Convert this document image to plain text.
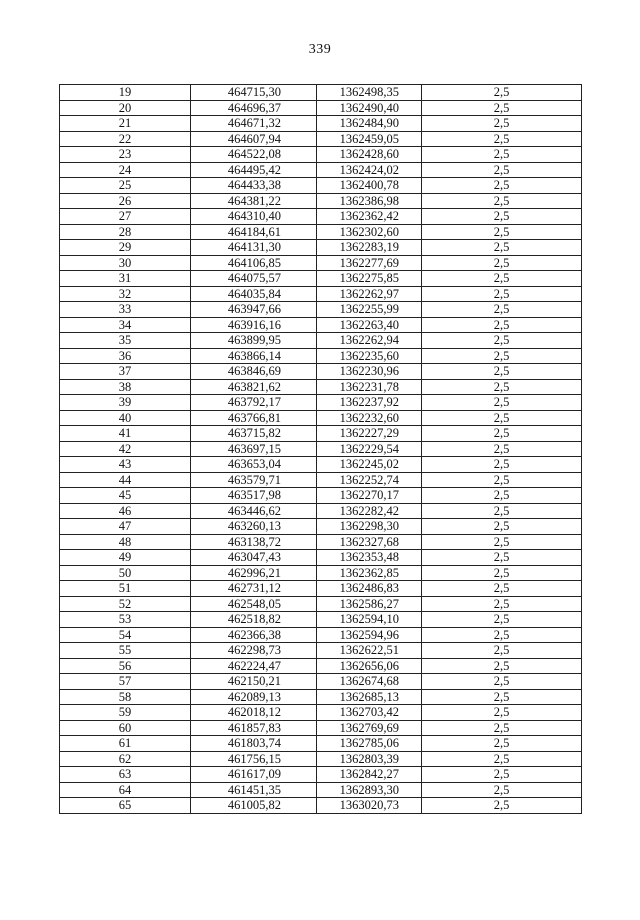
339
19	464715,30	1362498,35	2,5
20	464696,37	1362490,40	2,5
21	464671,32	1362484,90	2,5
22	464607,94	1362459,05	2,5
23	464522,08	1362428,60	2,5
24	464495,42	1362424,02	2,5
25	464433,38	1362400,78	2,5
26	464381,22	1362386,98	2,5
27	464310,40	1362362,42	2,5
28	464184,61	1362302,60	2,5
29	464131,30	1362283,19	2,5
30	464106,85	1362277,69	2,5
31	464075,57	1362275,85	2,5
32	464035,84	1362262,97	2,5
33	463947,66	1362255,99	2,5
34	463916,16	1362263,40	2,5
35	463899,95	1362262,94	2,5
36	463866,14	1362235,60	2,5
37	463846,69	1362230,96	2,5
38	463821,62	1362231,78	2,5
39	463792,17	1362237,92	2,5
40	463766,81	1362232,60	2,5
41	463715,82	1362227,29	2,5
42	463697,15	1362229,54	2,5
43	463653,04	1362245,02	2,5
44	463579,71	1362252,74	2,5
45	463517,98	1362270,17	2,5
46	463446,62	1362282,42	2,5
47	463260,13	1362298,30	2,5
48	463138,72	1362327,68	2,5
49	463047,43	1362353,48	2,5
50	462996,21	1362362,85	2,5
51	462731,12	1362486,83	2,5
52	462548,05	1362586,27	2,5
53	462518,82	1362594,10	2,5
54	462366,38	1362594,96	2,5
55	462298,73	1362622,51	2,5
56	462224,47	1362656,06	2,5
57	462150,21	1362674,68	2,5
58	462089,13	1362685,13	2,5
59	462018,12	1362703,42	2,5
60	461857,83	1362769,69	2,5
61	461803,74	1362785,06	2,5
62	461756,15	1362803,39	2,5
63	461617,09	1362842,27	2,5
64	461451,35	1362893,30	2,5
65	461005,82	1363020,73	2,5
